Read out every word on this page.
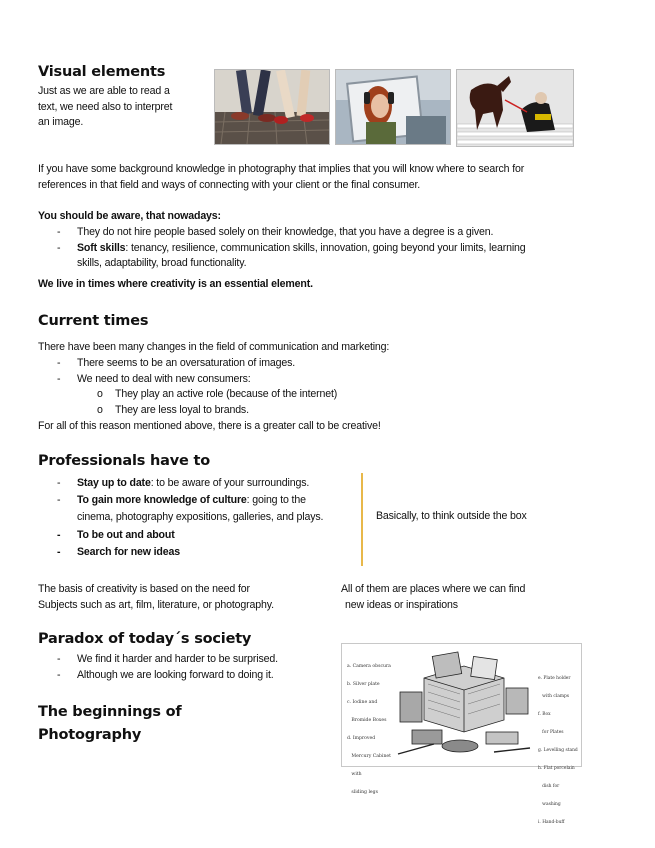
Visual elements
Just as we are able to read a
text, we need also to interpret
an image.
If you have some background knowledge in photography that implies that you will know where to search for
references in that field and ways of connecting with your client or the final consumer.
You should be aware, that nowadays:
- They do not hire people based solely on their knowledge, that you have a degree is a given.
- Soft skills: tenancy, resilience, communication skills, innovation, going beyond your limits, learning
skills, adaptability, broad functionality.
We live in times where creativity is an essential element.
Current times
There have been many changes in the field of communication and marketing:
- There seems to be an oversaturation of images.
- We need to deal with new consumers:
o They play an active role (because of the internet)
o They are less loyal to brands.
For all of this reason mentioned above, there is a greater call to be creative!
Professionals have to
- Stay up to date: to be aware of your surroundings.
- To gain more knowledge of culture: going to the
cinema, photography expositions, galleries, and plays.
- To be out and about
- Search for new ideas
Basically, to think outside the box
The basis of creativity is based on the need for
Subjects such as art, film, literature, or photography.
All of them are places where we can find
new ideas or inspirations
Paradox of today´s society
- We find it harder and harder to be surprised.
- Although we are looking forward to doing it.
The beginnings of
Photography

a. Camera obscura

b. Silver plate

c. Iodine and

Bromide Boxes

d. Improved

Mercury Cabinet

with

sliding legs

e. Plate holder

with clamps

f. Box

for Plates

g. Levelling stand

h. Flat porcelain

dish for

washing

i. Hand-buff
